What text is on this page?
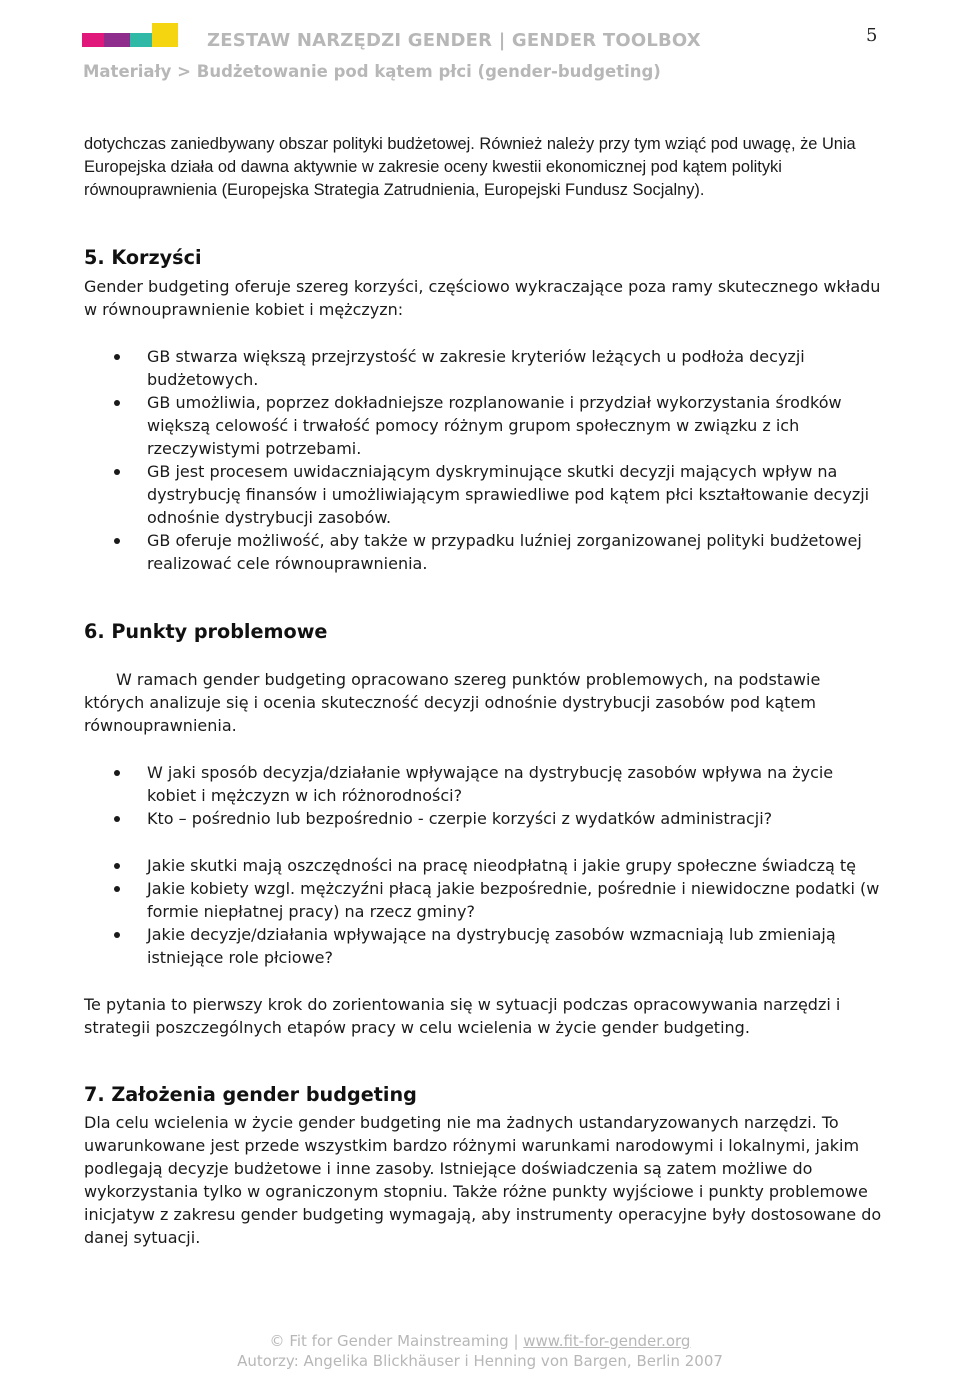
ZESTAW NARZĘDZI GENDER | GENDER TOOLBOX
Materiały > Budżetowanie pod kątem płci (gender-budgeting)
5

dotychczas zaniedbywany obszar polityki budżetowej. Również należy przy tym wziąć pod uwagę, że Unia Europejska działa od dawna aktywnie w zakresie oceny kwestii ekonomicznej pod kątem polityki równouprawnienia (Europejska Strategia Zatrudnienia, Europejski Fundusz Socjalny).

5. Korzyści

Gender budgeting oferuje szereg korzyści, częściowo wykraczające poza ramy skutecznego wkładu w równouprawnienie kobiet i mężczyzn:

GB stwarza większą przejrzystość w zakresie kryteriów leżących u podłoża decyzji budżetowych.
GB umożliwia, poprzez dokładniejsze rozplanowanie i przydział wykorzystania środków większą celowość i trwałość pomocy różnym grupom społecznym w związku z ich rzeczywistymi potrzebami.
GB jest procesem uwidaczniającym dyskryminujące skutki decyzji mających wpływ na dystrybucję finansów i umożliwiającym sprawiedliwe pod kątem płci kształtowanie decyzji odnośnie dystrybucji zasobów.
GB oferuje możliwość, aby także w przypadku luźniej zorganizowanej polityki budżetowej realizować cele równouprawnienia.
6. Punkty problemowe

W ramach gender budgeting opracowano szereg punktów problemowych, na podstawie których analizuje się i ocenia skuteczność decyzji odnośnie dystrybucji zasobów pod kątem równouprawnienia.

W jaki sposób decyzja/działanie wpływające na dystrybucję zasobów wpływa na życie kobiet i mężczyzn w ich różnorodności?
Kto – pośrednio lub bezpośrednio - czerpie korzyści z wydatków administracji?
Jakie skutki mają oszczędności na pracę nieodpłatną i jakie grupy społeczne świadczą tę
Jakie kobiety wzgl. mężczyźni płacą jakie bezpośrednie, pośrednie i niewidoczne podatki (w formie niepłatnej pracy) na rzecz gminy?
Jakie decyzje/działania wpływające na dystrybucję zasobów wzmacniają lub zmieniają istniejące role płciowe?

Te pytania to pierwszy krok do zorientowania się w sytuacji podczas opracowywania narzędzi i strategii poszczególnych etapów pracy w celu wcielenia w życie gender budgeting.

7. Założenia gender budgeting

Dla celu wcielenia w życie gender budgeting nie ma żadnych ustandaryzowanych narzędzi. To uwarunkowane jest przede wszystkim bardzo różnymi warunkami narodowymi i lokalnymi, jakim podlegają decyzje budżetowe i inne zasoby. Istniejące doświadczenia są zatem możliwe do wykorzystania tylko w ograniczonym stopniu. Także różne punkty wyjściowe i punkty problemowe inicjatyw z zakresu gender budgeting wymagają, aby instrumenty operacyjne były dostosowane do danej sytuacji.

© Fit for Gender Mainstreaming | www.fit-for-gender.org
Autorzy: Angelika Blickhäuser i Henning von Bargen, Berlin 2007
